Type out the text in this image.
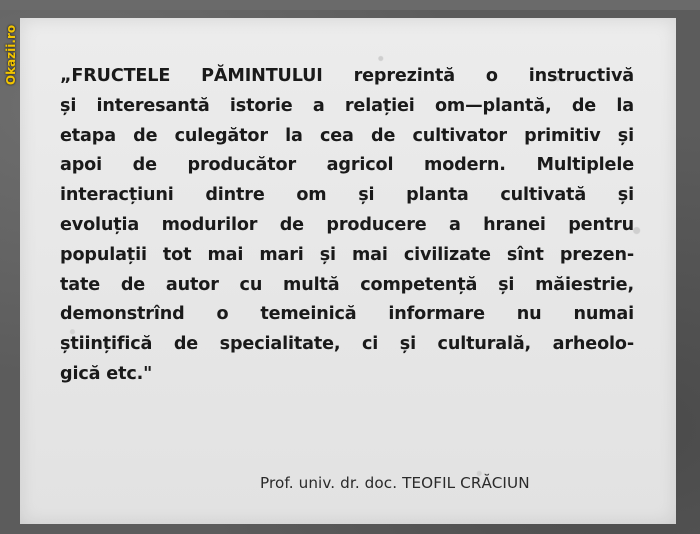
Okazii.ro „FRUCTELE PĂMINTULUI reprezintă o instructivă
și interesantă istorie a relației om—plantă, de la
etapa de culegător la cea de cultivator primitiv și
apoi de producător agricol modern. Multiplele
interacțiuni dintre om și planta cultivată și
evoluția modurilor de producere a hranei pentru
populații tot mai mari și mai civilizate sînt prezen-
tate de autor cu multă competență și măiestrie,
demonstrînd o temeinică informare nu numai
științifică de specialitate, ci și culturală, arheolo-
gică etc."
Prof. univ. dr. doc. TEOFIL CRĂCIUN
